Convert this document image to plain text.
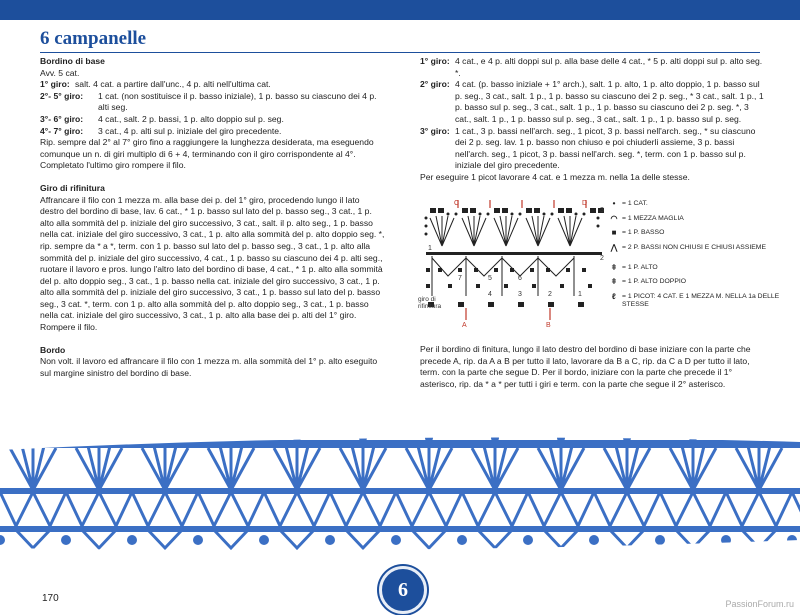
6 campanelle

Bordino di base

Avv. 5 cat.

1° giro: salt. 4 cat. a partire dall'unc., 4 p. alti nell'ultima cat.
2°- 5° giro:	1 cat. (non sostituisce il p. basso iniziale), 1 p. basso su ciascuno dei 4 p. alti seg.
3°- 6° giro:	4 cat., salt. 2 p. bassi, 1 p. alto doppio sul p. seg.
4°- 7° giro:	3 cat., 4 p. alti sul p. iniziale del giro precedente.

Rip. sempre dal 2° al 7° giro fino a raggiungere la lunghezza desiderata, ma eseguendo comunque un n. di giri multiplo di 6 + 4, terminando con il giro corrispondente al 4°. Completato l'ultimo giro rompere il filo.

Giro di rifinitura

Affrancare il filo con 1 mezza m. alla base dei p. del 1° giro, procedendo lungo il lato destro del bordino di base, lav. 6 cat., * 1 p. basso sul lato del p. basso seg., 3 cat., 1 p. alto alla sommità del p. iniziale del giro successivo, 3 cat., salt. il p. alto seg., 1 p. basso nella cat. iniziale del giro successivo, 3 cat., 1 p. alto alla sommità del p. alto doppio seg. *, rip. sempre da * a *, term. con 1 p. basso sul lato del p. basso seg., 3 cat., 1 p. alto alla sommità del p. iniziale del giro successivo, 4 cat., 1 p. basso su ciascuno dei 4 p. alti seg., ruotare il lavoro e pros. lungo l'altro lato del bordino di base, 4 cat., * 1 p. alto alla sommità del p. alto doppio seg., 3 cat., 1 p. basso nella cat. iniziale del giro successivo, 3 cat., 1 p. alto alla sommità del p. iniziale del giro successivo, 3 cat., 1 p. basso sul lato del p. basso seg., 3 cat. *, term. con 1 p. alto alla sommità del p. alto doppio seg., 3 cat., 1 p. basso nella cat. iniziale del giro successivo, 3 cat., 1 p. alto alla base dei p. alti del 1° giro. Rompere il filo.

Bordo

Non volt. il lavoro ed affrancare il filo con 1 mezza m. alla sommità del 1° p. alto eseguito sul margine sinistro del bordino di base.

1° giro: 4 cat., e 4 p. alti doppi sul p. alla base delle 4 cat., * 5 p. alti doppi sul p. alto seg. *.
2° giro: 4 cat. (p. basso iniziale + 1° arch.), salt. 1 p. alto, 1 p. alto doppio, 1 p. basso sul p. seg., 3 cat., salt. 1 p., 1 p. basso su ciascuno dei 2 p. seg., * 3 cat., salt. 1 p., 1 p. basso sul p. seg., 3 cat., salt. 1 p., 1 p. basso su ciascuno dei 2 p. seg. *, 3 cat., salt. 1 p., 1 p. basso sul p. seg., 3 cat., salt. 1 p., 1 p. basso sul p. seg.
3° giro: 1 cat., 3 p. bassi nell'arch. seg., 1 picot, 3 p. bassi nell'arch. seg., * su ciascuno dei 2 p. seg. lav. 1 p. basso non chiuso e poi chiuderli assieme, 3 p. bassi nell'arch. seg., 1 picot, 3 p. bassi nell'arch. seg. *, term. con 1 p. basso sul p. iniziale del giro precedente.

Per eseguire 1 picot lavorare 4 cat. e 1 mezza m. nella 1a delle stesse.

3
2
5	6
7
4	3	2	1
1
A	B
C	D
giro di rifinitura
• = 1 CAT.
◠ = 1 MEZZA MAGLIA
■ = 1 P. BASSO
⋀ = 2 P. BASSI NON CHIUSI E CHIUSI ASSIEME
ǂ = 1 P. ALTO
ǂ = 1 P. ALTO DOPPIO
ℓ = 1 PICOT: 4 CAT. E 1 MEZZA M. NELLA 1a DELLE STESSE

Per il bordino di finitura, lungo il lato destro del bordino di base iniziare con la parte che precede A, rip. da A a B per tutto il lato, lavorare da B a C, rip. da C a D per tutto il lato, term. con la parte che segue D. Per il bordo, iniziare con la parte che precede il 1° asterisco, rip. da * a * per tutti i giri e term. con la parte che segue il 2° asterisco.

170	6
PassionForum.ru
